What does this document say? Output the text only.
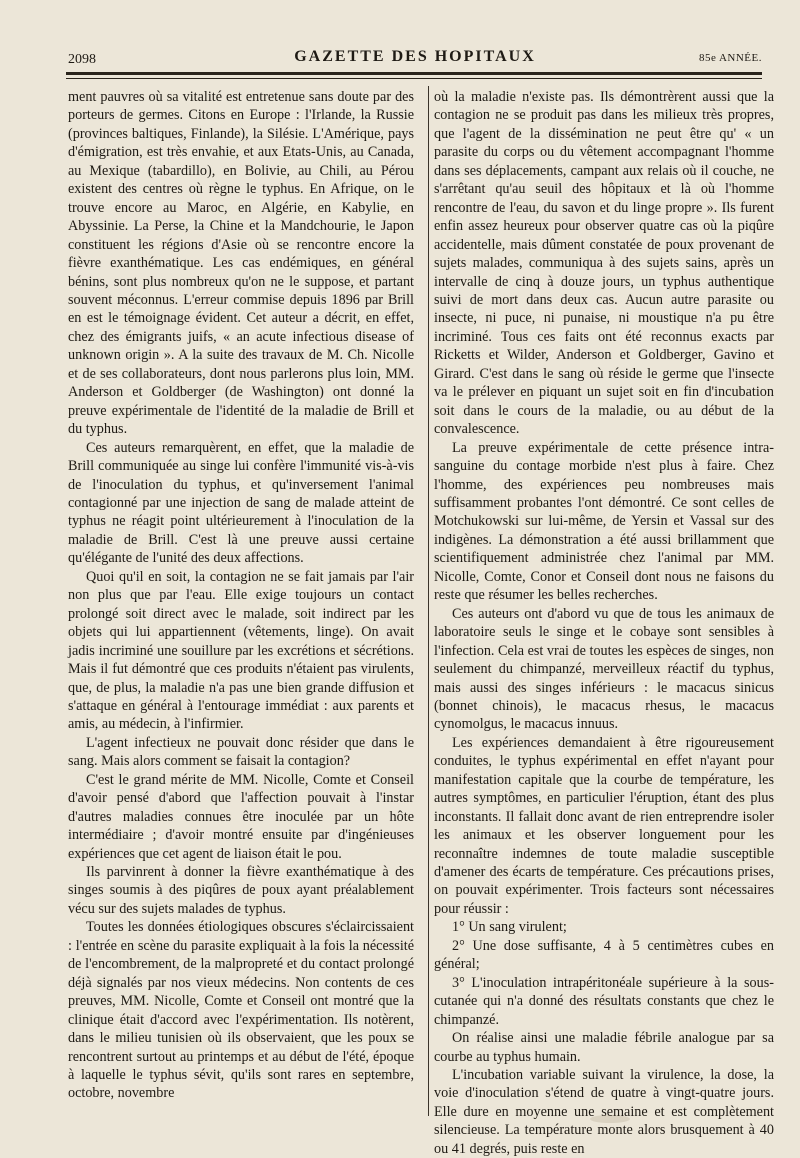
2098	GAZETTE DES HOPITAUX	85e ANNÉE.

ment pauvres où sa vitalité est entretenue sans doute par des porteurs de germes. Citons en Europe : l'Irlande, la Russie (provinces baltiques, Finlande), la Silésie. L'Amérique, pays d'émigration, est très envahie, et aux Etats-Unis, au Canada, au Mexique (tabardillo), en Bolivie, au Chili, au Pérou existent des centres où règne le typhus. En Afrique, on le trouve encore au Maroc, en Algérie, en Kabylie, en Abyssinie. La Perse, la Chine et la Mandchourie, le Japon constituent les régions d'Asie où se rencontre encore la fièvre exanthématique. Les cas endémiques, en général bénins, sont plus nombreux qu'on ne le suppose, et partant souvent méconnus. L'erreur commise depuis 1896 par Brill en est le témoignage évident. Cet auteur a décrit, en effet, chez des émigrants juifs, « an acute infectious disease of unknown origin ». A la suite des travaux de M. Ch. Nicolle et de ses collaborateurs, dont nous parlerons plus loin, MM. Anderson et Goldberger (de Washington) ont donné la preuve expérimentale de l'identité de la maladie de Brill et du typhus.

Ces auteurs remarquèrent, en effet, que la maladie de Brill communiquée au singe lui confère l'immunité vis-à-vis de l'inoculation du typhus, et qu'inversement l'animal contagionné par une injection de sang de malade atteint de typhus ne réagit point ultérieurement à l'inoculation de la maladie de Brill. C'est là une preuve aussi certaine qu'élégante de l'unité des deux affections.

Quoi qu'il en soit, la contagion ne se fait jamais par l'air non plus que par l'eau. Elle exige toujours un contact prolongé soit direct avec le malade, soit indirect par les objets qui lui appartiennent (vêtements, linge). On avait jadis incriminé une souillure par les excrétions et sécrétions. Mais il fut démontré que ces produits n'étaient pas virulents, que, de plus, la maladie n'a pas une bien grande diffusion et s'attaque en général à l'entourage immédiat : aux parents et amis, au médecin, à l'infirmier.

L'agent infectieux ne pouvait donc résider que dans le sang. Mais alors comment se faisait la contagion?

C'est le grand mérite de MM. Nicolle, Comte et Conseil d'avoir pensé d'abord que l'affection pouvait à l'instar d'autres maladies connues être inoculée par un hôte intermédiaire ; d'avoir montré ensuite par d'ingénieuses expériences que cet agent de liaison était le pou.

Ils parvinrent à donner la fièvre exanthématique à des singes soumis à des piqûres de poux ayant préalablement vécu sur des sujets malades de typhus.

Toutes les données étiologiques obscures s'éclaircissaient : l'entrée en scène du parasite expliquait à la fois la nécessité de l'encombrement, de la malpropreté et du contact prolongé déjà signalés par nos vieux médecins. Non contents de ces preuves, MM. Nicolle, Comte et Conseil ont montré que la clinique était d'accord avec l'expérimentation. Ils notèrent, dans le milieu tunisien où ils observaient, que les poux se rencontrent surtout au printemps et au début de l'été, époque à laquelle le typhus sévit, qu'ils sont rares en septembre, octobre, novembre

où la maladie n'existe pas. Ils démontrèrent aussi que la contagion ne se produit pas dans les milieux très propres, que l'agent de la dissémination ne peut être qu' « un parasite du corps ou du vêtement accompagnant l'homme dans ses déplacements, campant aux relais où il couche, ne s'arrêtant qu'au seuil des hôpitaux et là où l'homme rencontre de l'eau, du savon et du linge propre ». Ils furent enfin assez heureux pour observer quatre cas où la piqûre accidentelle, mais dûment constatée de poux provenant de sujets malades, communiqua à des sujets sains, après un intervalle de cinq à douze jours, un typhus authentique suivi de mort dans deux cas. Aucun autre parasite ou insecte, ni puce, ni punaise, ni moustique n'a pu être incriminé. Tous ces faits ont été reconnus exacts par Ricketts et Wilder, Anderson et Goldberger, Gavino et Girard. C'est dans le sang où réside le germe que l'insecte va le prélever en piquant un sujet soit en fin d'incubation soit dans le cours de la maladie, ou au début de la convalescence.

La preuve expérimentale de cette présence intra-sanguine du contage morbide n'est plus à faire. Chez l'homme, des expériences peu nombreuses mais suffisamment probantes l'ont démontré. Ce sont celles de Motchukowski sur lui-même, de Yersin et Vassal sur des indigènes. La démonstration a été aussi brillamment que scientifiquement administrée chez l'animal par MM. Nicolle, Comte, Conor et Conseil dont nous ne faisons du reste que résumer les belles recherches.

Ces auteurs ont d'abord vu que de tous les animaux de laboratoire seuls le singe et le cobaye sont sensibles à l'infection. Cela est vrai de toutes les espèces de singes, non seulement du chimpanzé, merveilleux réactif du typhus, mais aussi des singes inférieurs : le macacus sinicus (bonnet chinois), le macacus rhesus, le macacus cynomolgus, le macacus innuus.

Les expériences demandaient à être rigoureusement conduites, le typhus expérimental en effet n'ayant pour manifestation capitale que la courbe de température, les autres symptômes, en particulier l'éruption, étant des plus inconstants. Il fallait donc avant de rien entreprendre isoler les animaux et les observer longuement pour les reconnaître indemnes de toute maladie susceptible d'amener des écarts de température. Ces précautions prises, on pouvait expérimenter. Trois facteurs sont nécessaires pour réussir :

1° Un sang virulent;

2° Une dose suffisante, 4 à 5 centimètres cubes en général;

3° L'inoculation intrapéritonéale supérieure à la sous-cutanée qui n'a donné des résultats constants que chez le chimpanzé.

On réalise ainsi une maladie fébrile analogue par sa courbe au typhus humain.

L'incubation variable suivant la virulence, la dose, la voie d'inoculation s'étend de quatre à vingt-quatre jours. Elle dure en moyenne une semaine et est complètement silencieuse. La température monte alors brusquement à 40 ou 41 degrés, puis reste en
